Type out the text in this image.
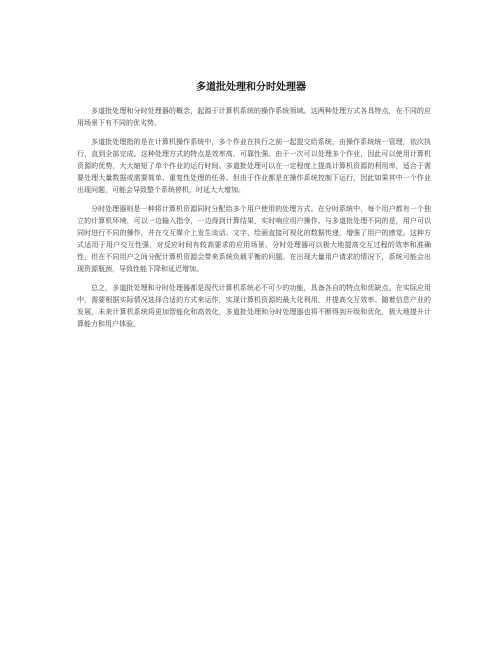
多道批处理和分时处理器

多道批处理和分时处理器的概念，起源于计算机系统的操作系统领域。这两种处理方式各具特点，在不同的应用场景下有不同的优劣势。

多道批处理指的是在计算机操作系统中，多个作业在执行之前一起提交给系统，由操作系统统一管理，依次执行，直到全部完成。这种处理方式的特点是效率高，可靠性强。由于一次可以处理多个作业，因此可以使用计算机资源的优势，大大缩短了单个作业的运行时间。多道批处理可以在一定程度上提高计算机资源的利用率，适合于需要处理大量数据或需要简单、重复性处理的任务。但由于作业都是在操作系统控制下运行，因此如果其中一个作业出现问题，可能会导致整个系统停机，时延大大增加。

分时处理器则是一种将计算机资源同时分配给多个用户使用的处理方式。在分时系统中，每个用户都有一个独立的计算机环境，可以一边输入指令，一边得到计算结果，实时响应用户操作。与多道批处理不同的是，用户可以同时进行不同的操作，并在交互媒介上发生谈话、文字、绘画直接可视化的数据传递，增强了用户的感觉。这种方式适用于用户交互性强、对反应时间有较高要求的应用场景。分时处理器可以极大地提高交互过程的效率和准确性，但在不同用户之间分配计算机资源会带来系统负载平衡的问题。在出现大量用户请求的情况下，系统可能会出现资源瓶颈，导致性能下降和延迟增加。

总之，多道批处理和分时处理器都是现代计算机系统必不可少的功能，具备各自的特点和优缺点。在实际应用中，需要根据实际情况选择合适的方式来运作，实现计算机资源的最大化利用，并提高交互效率。随着信息产业的发展，未来计算机系统将更加智能化和高效化，多道批处理和分时处理器也将不断得到升级和优化，极大地提升计算能力和用户体验。
